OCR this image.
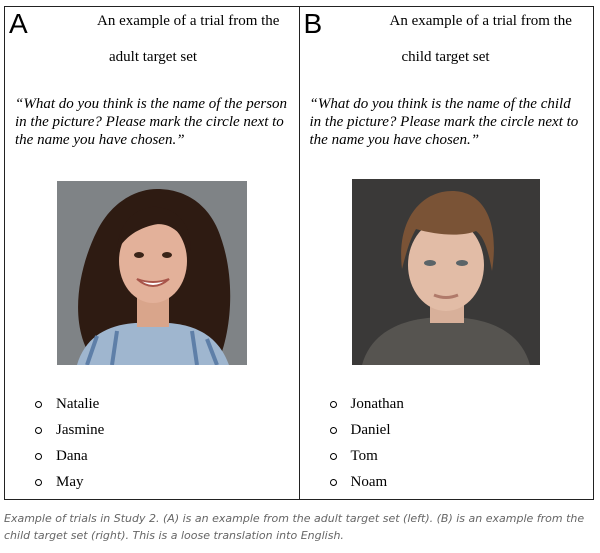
A	An example of a trial from the
adult target set
“What do you think is the name of the person in the picture? Please mark the circle next to the name you have chosen.”
Natalie
Jasmine
Dana
May
B	An example of a trial from the
child target set
“What do you think is the name of the child in the picture? Please mark the circle next to the name you have chosen.”
Jonathan
Daniel
Tom
Noam
Example of trials in Study 2. (A) is an example from the adult target set (left). (B) is an example from the child target set (right). This is a loose translation into English.
